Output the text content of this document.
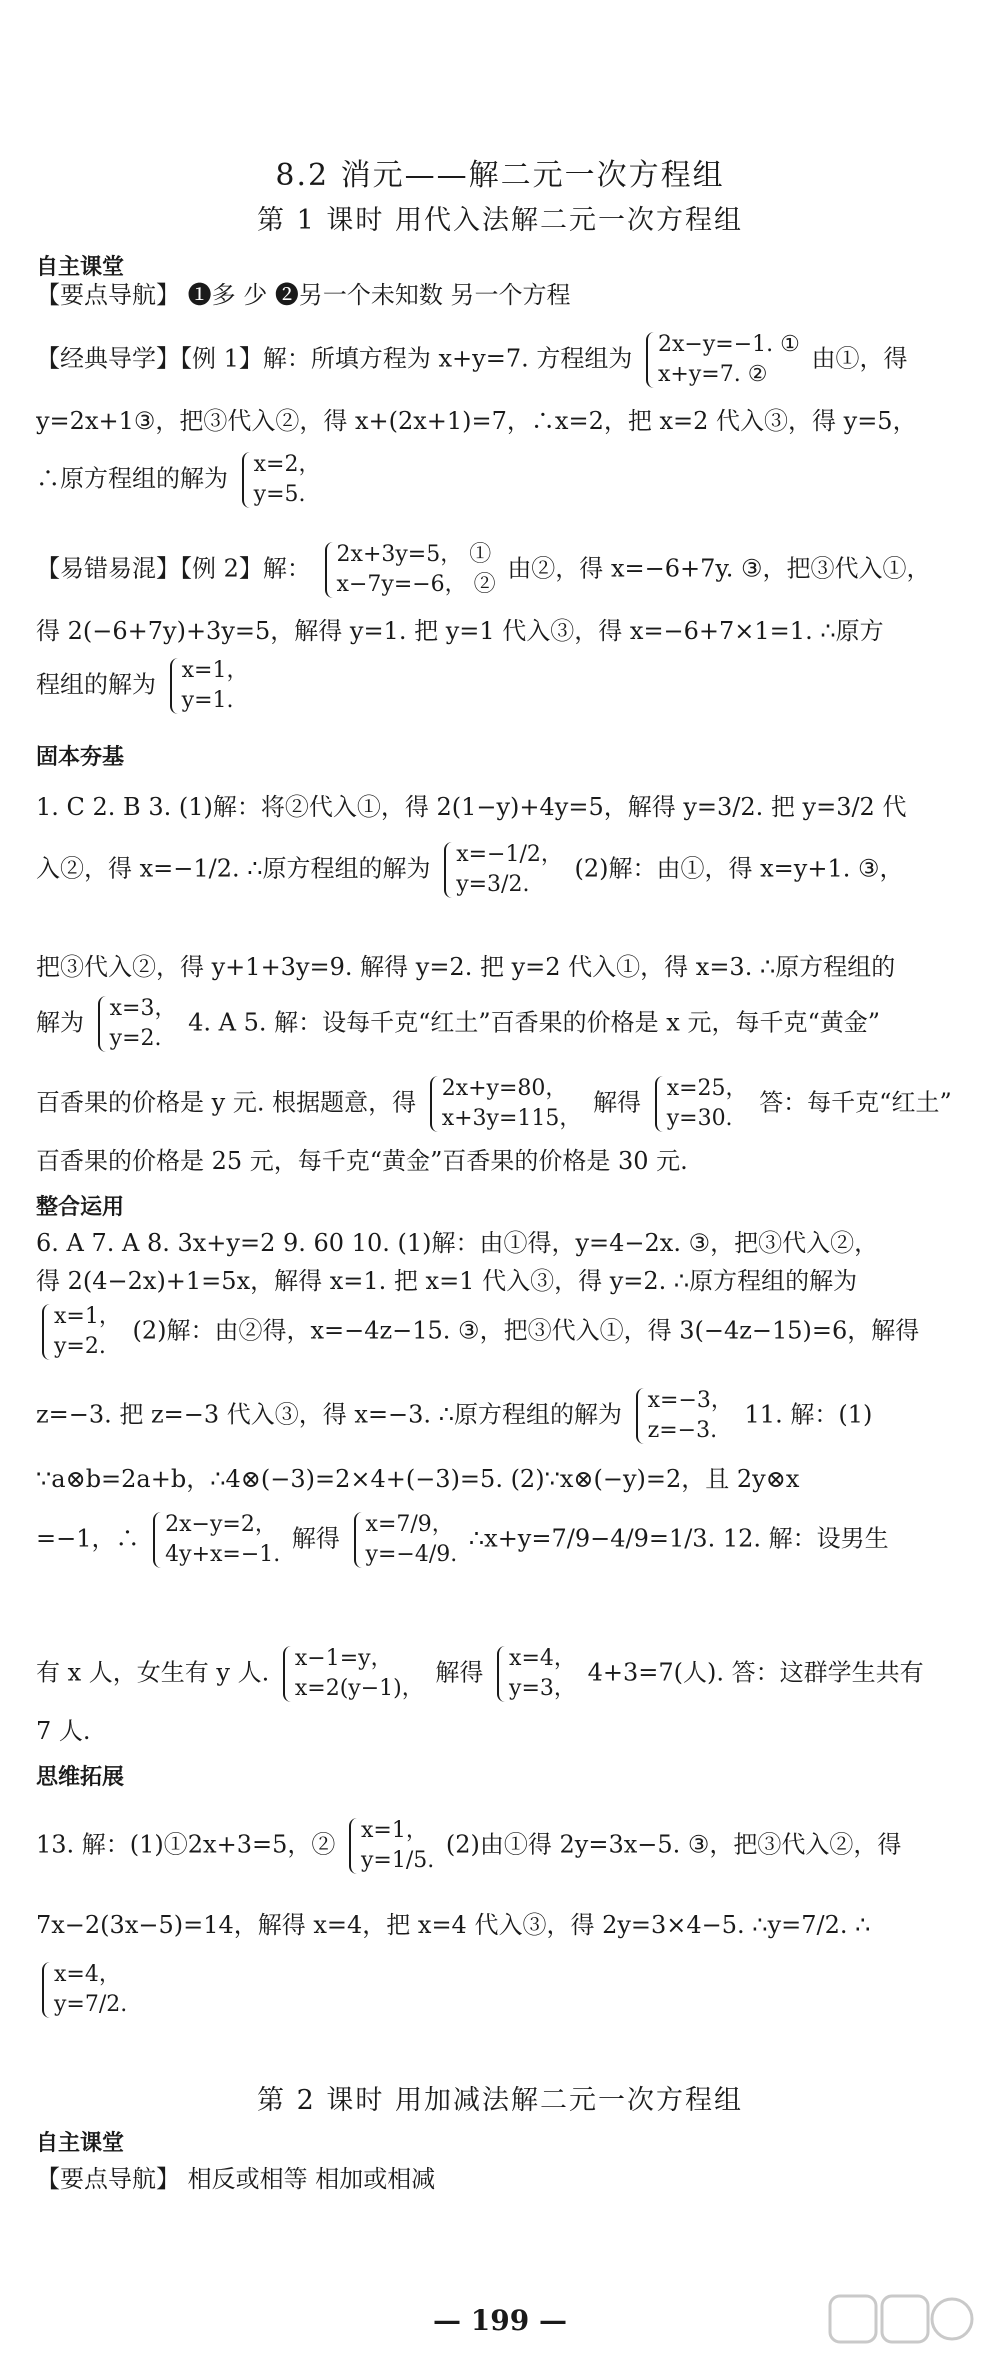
8.2 消元——解二元一次方程组
第 1 课时 用代入法解二元一次方程组
自主课堂
【要点导航】 ❶多 少 ❷另一个未知数 另一个方程
【经典导学】【例 1】解：所填方程为 x+y=7. 方程组为 2x−y=−1. ①
x+y=7. ②
由①，得
y=2x+1③，把③代入②，得 x+(2x+1)=7，∴x=2，把 x=2 代入③，得 y=5，
∴原方程组的解为 x=2，
y=5.
【易错易混】【例 2】解： 2x+3y=5， ①
x−7y=−6， ②
由②，得 x=−6+7y. ③，把③代入①，
得 2(−6+7y)+3y=5，解得 y=1. 把 y=1 代入③，得 x=−6+7×1=1. ∴原方
程组的解为 x=1，
y=1.
固本夯基
1. C 2. B 3. (1)解：将②代入①，得 2(1−y)+4y=5，解得 y=3/2. 把 y=3/2 代
入②，得 x=−1/2. ∴原方程组的解为 x=−1/2，
y=3/2.
(2)解：由①，得 x=y+1. ③，
把③代入②，得 y+1+3y=9. 解得 y=2. 把 y=2 代入①，得 x=3. ∴原方程组的
解为 x=3，
y=2.
4. A 5. 解：设每千克“红土”百香果的价格是 x 元，每千克“黄金”
百香果的价格是 y 元. 根据题意，得 2x+y=80，
x+3y=115，
解得 x=25，
y=30.
答：每千克“红土”
百香果的价格是 25 元，每千克“黄金”百香果的价格是 30 元.
整合运用
6. A 7. A 8. 3x+y=2 9. 60 10. (1)解：由①得，y=4−2x. ③，把③代入②，
得 2(4−2x)+1=5x，解得 x=1. 把 x=1 代入③，得 y=2. ∴原方程组的解为
x=1，
y=2.
(2)解：由②得，x=−4z−15. ③，把③代入①，得 3(−4z−15)=6，解得
z=−3. 把 z=−3 代入③，得 x=−3. ∴原方程组的解为 x=−3，
z=−3.
11. 解：(1)
∵a⊗b=2a+b，∴4⊗(−3)=2×4+(−3)=5. (2)∵x⊗(−y)=2，且 2y⊗x
=−1，∴ 2x−y=2，
4y+x=−1.
解得 x=7/9，
y=−4/9.
∴x+y=7/9−4/9=1/3. 12. 解：设男生
有 x 人，女生有 y 人. x−1=y，
x=2(y−1)，
解得 x=4，
y=3，
4+3=7(人). 答：这群学生共有
7 人.
思维拓展
13. 解：(1)①2x+3=5，② x=1，
y=1/5.
(2)由①得 2y=3x−5. ③，把③代入②，得
7x−2(3x−5)=14，解得 x=4，把 x=4 代入③，得 2y=3×4−5. ∴y=7/2. ∴
x=4，
y=7/2.
第 2 课时 用加减法解二元一次方程组
自主课堂
【要点导航】 相反或相等 相加或相减
— 199 —
